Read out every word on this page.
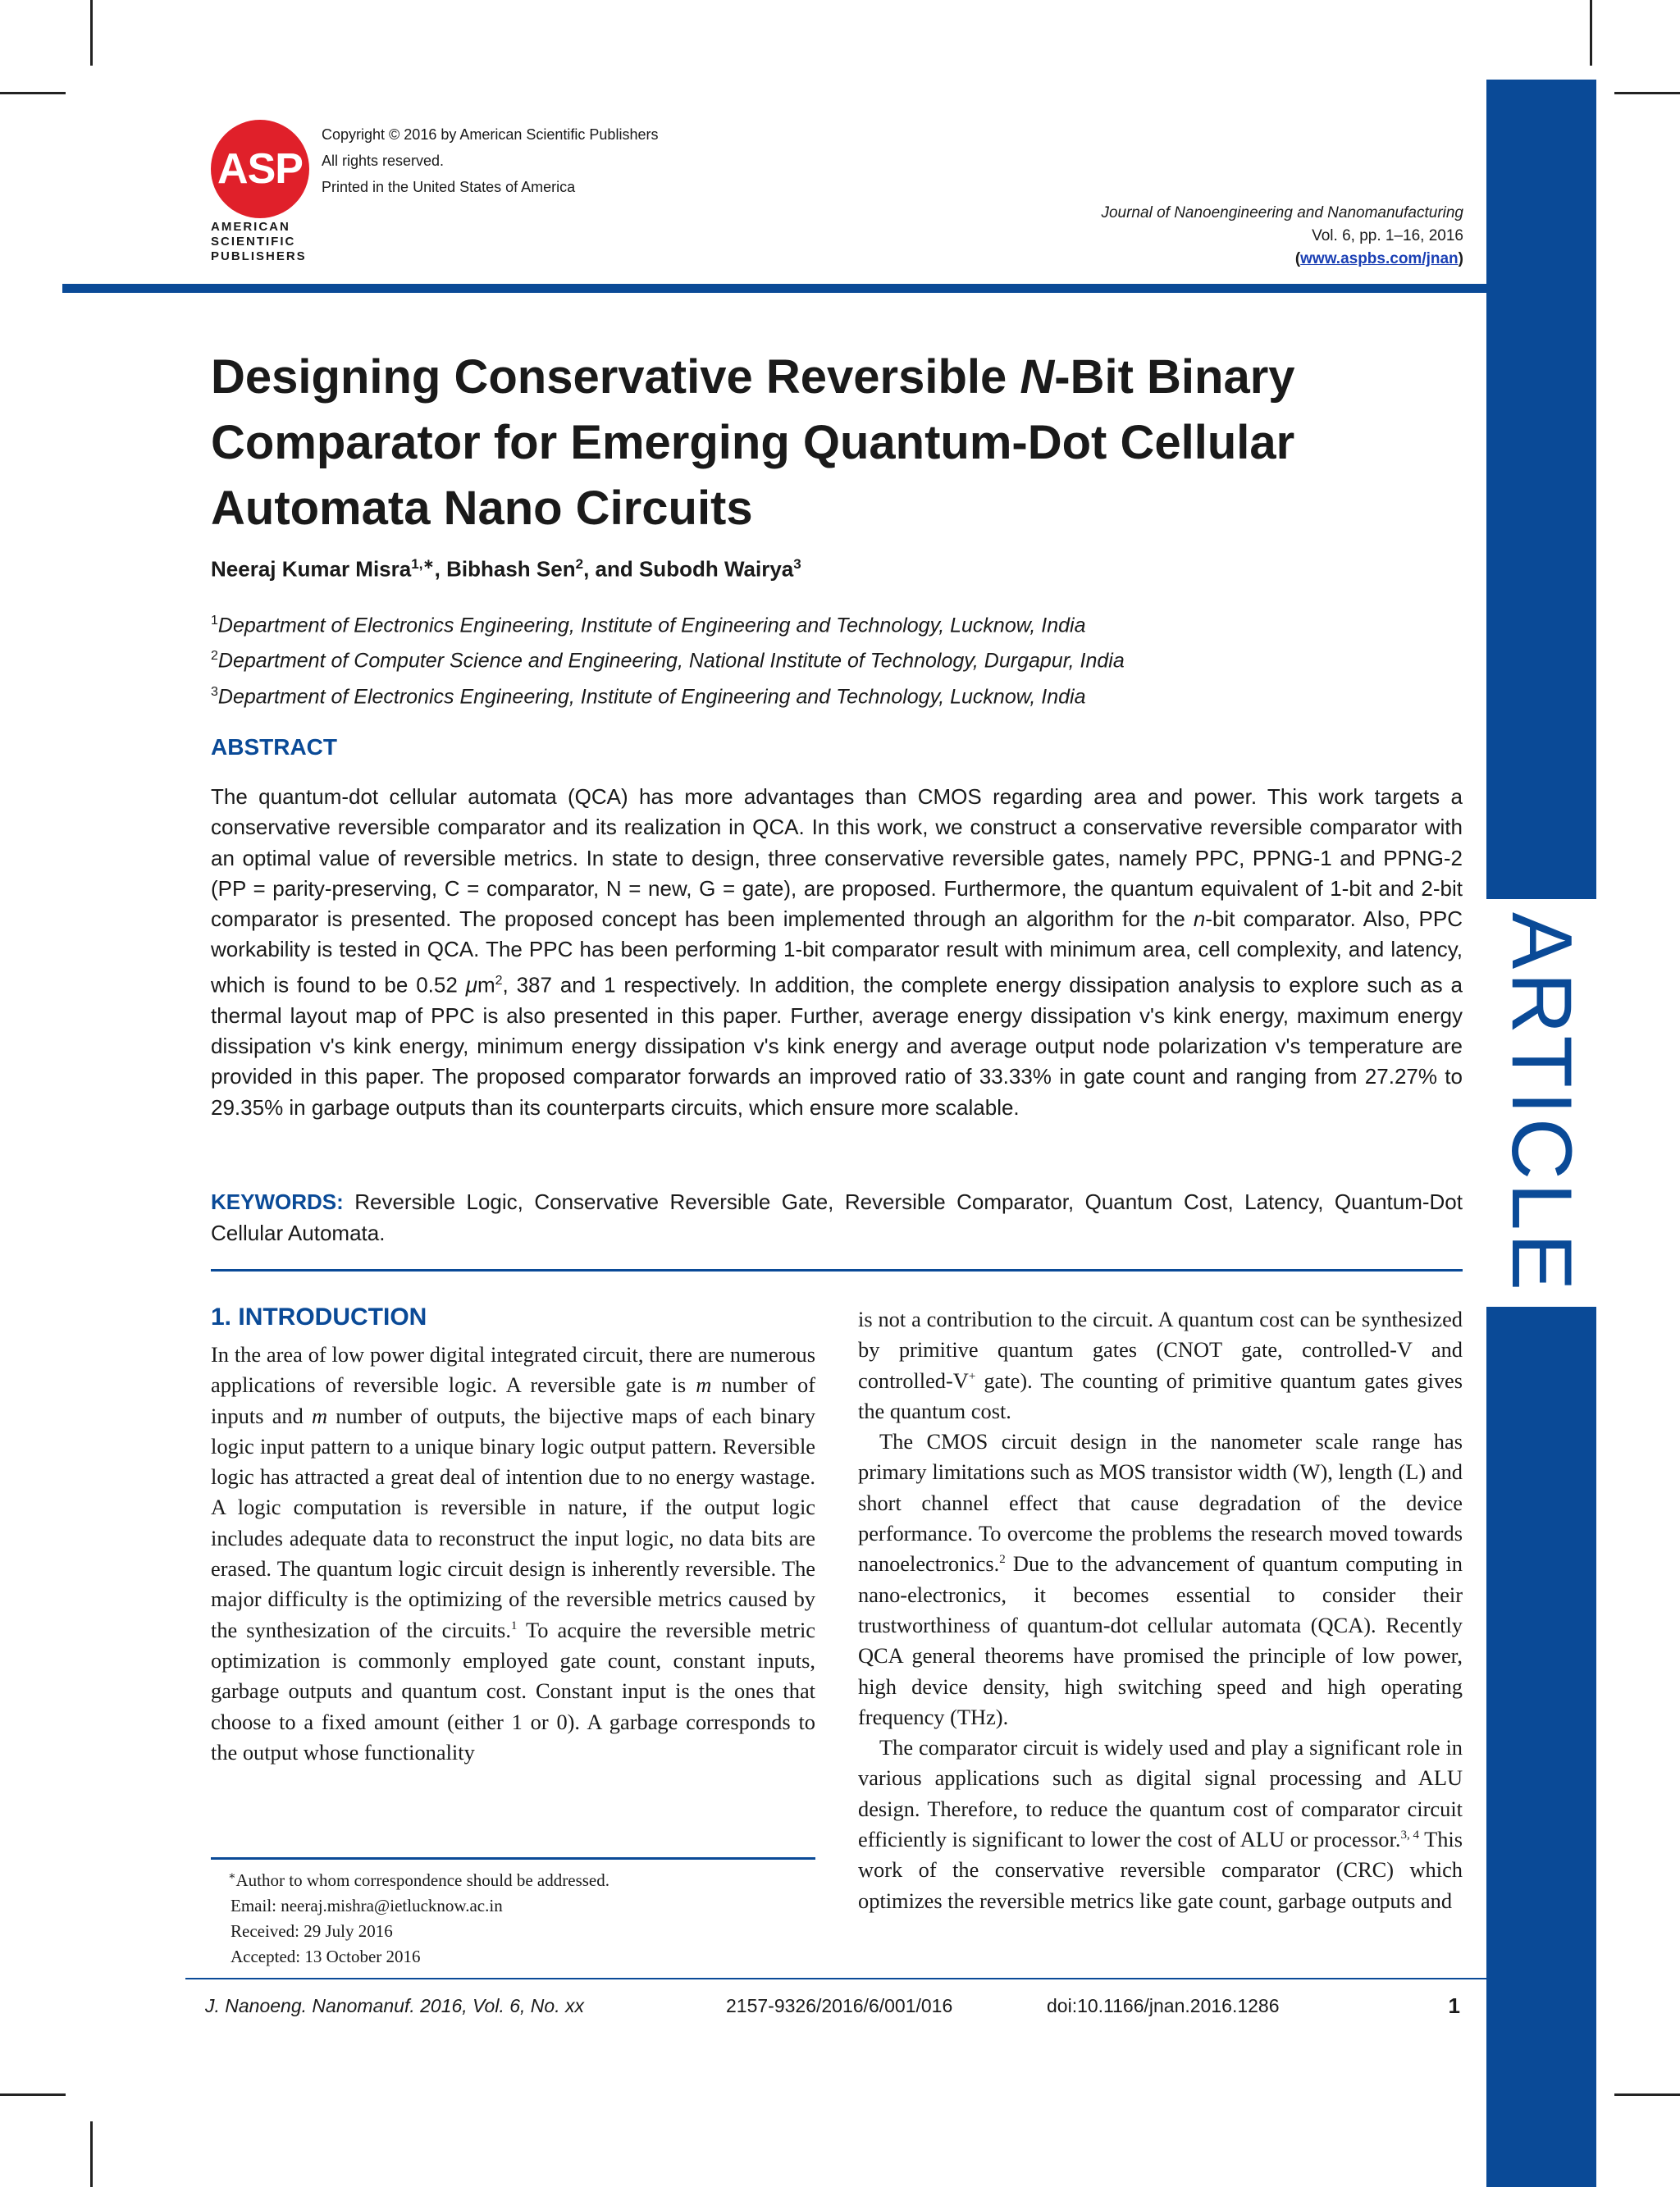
ARTICLE
ASP
AMERICAN
SCIENTIFIC
PUBLISHERS
Copyright © 2016 by American Scientific Publishers
All rights reserved.
Printed in the United States of America
Journal of Nanoengineering and Nanomanufacturing
Vol. 6, pp. 1–16, 2016
(www.aspbs.com/jnan)
Designing Conservative Reversible N-Bit Binary Comparator for Emerging Quantum-Dot Cellular Automata Nano Circuits
Neeraj Kumar Misra$^{1,∗}$, Bibhash Sen$^2$, and Subodh Wairya$^3$
$^1$Department of Electronics Engineering, Institute of Engineering and Technology, Lucknow, India
$^2$Department of Computer Science and Engineering, National Institute of Technology, Durgapur, India
$^3$Department of Electronics Engineering, Institute of Engineering and Technology, Lucknow, India
ABSTRACT
The quantum-dot cellular automata (QCA) has more advantages than CMOS regarding area and power. This work targets a conservative reversible comparator and its realization in QCA. In this work, we construct a conservative reversible comparator with an optimal value of reversible metrics. In state to design, three conservative reversible gates, namely PPC, PPNG-1 and PPNG-2 (PP = parity-preserving, C = comparator, N = new, G = gate), are proposed. Furthermore, the quantum equivalent of 1-bit and 2-bit comparator is presented. The proposed concept has been implemented through an algorithm for the n-bit comparator. Also, PPC workability is tested in QCA. The PPC has been performing 1-bit comparator result with minimum area, cell complexity, and latency, which is found to be 0.52 $\mu m^2$, 387 and 1 respectively. In addition, the complete energy dissipation analysis to explore such as a thermal layout map of PPC is also presented in this paper. Further, average energy dissipation v's kink energy, maximum energy dissipation v's kink energy, minimum energy dissipation v's kink energy and average output node polarization v's temperature are provided in this paper. The proposed comparator forwards an improved ratio of 33.33% in gate count and ranging from 27.27% to 29.35% in garbage outputs than its counterparts circuits, which ensure more scalable.
KEYWORDS: Reversible Logic, Conservative Reversible Gate, Reversible Comparator, Quantum Cost, Latency, Quantum-Dot Cellular Automata.
1. INTRODUCTION

In the area of low power digital integrated circuit, there are numerous applications of reversible logic. A reversible gate is m number of inputs and m number of outputs, the bijective maps of each binary logic input pattern to a unique binary logic output pattern. Reversible logic has attracted a great deal of intention due to no energy wastage. A logic computation is reversible in nature, if the output logic includes adequate data to reconstruct the input logic, no data bits are erased. The quantum logic circuit design is inherently reversible. The major difficulty is the optimizing of the reversible metrics caused by the synthesization of the circuits.$^1$ To acquire the reversible metric optimization is commonly employed gate count, constant inputs, garbage outputs and quantum cost. Constant input is the ones that choose to a fixed amount (either 1 or 0). A garbage corresponds to the output whose functionality

is not a contribution to the circuit. A quantum cost can be synthesized by primitive quantum gates (CNOT gate, controlled-V and controlled-V+ gate). The counting of primitive quantum gates gives the quantum cost.

The CMOS circuit design in the nanometer scale range has primary limitations such as MOS transistor width (W), length (L) and short channel effect that cause degradation of the device performance. To overcome the problems the research moved towards nanoelectronics.$^2$ Due to the advancement of quantum computing in nano-electronics, it becomes essential to consider their trustworthiness of quantum-dot cellular automata (QCA). Recently QCA general theorems have promised the principle of low power, high device density, high switching speed and high operating frequency (THz).

The comparator circuit is widely used and play a significant role in various applications such as digital signal processing and ALU design. Therefore, to reduce the quantum cost of comparator circuit efficiently is significant to lower the cost of ALU or processor.$^{3, 4}$ This work of the conservative reversible comparator (CRC) which optimizes the reversible metrics like gate count, garbage outputs and

∗Author to whom correspondence should be addressed.
Email: neeraj.mishra@ietlucknow.ac.in
Received: 29 July 2016
Accepted: 13 October 2016
J. Nanoeng. Nanomanuf. 2016, Vol. 6, No. xx	2157-9326/2016/6/001/016	doi:10.1166/jnan.2016.1286	1
